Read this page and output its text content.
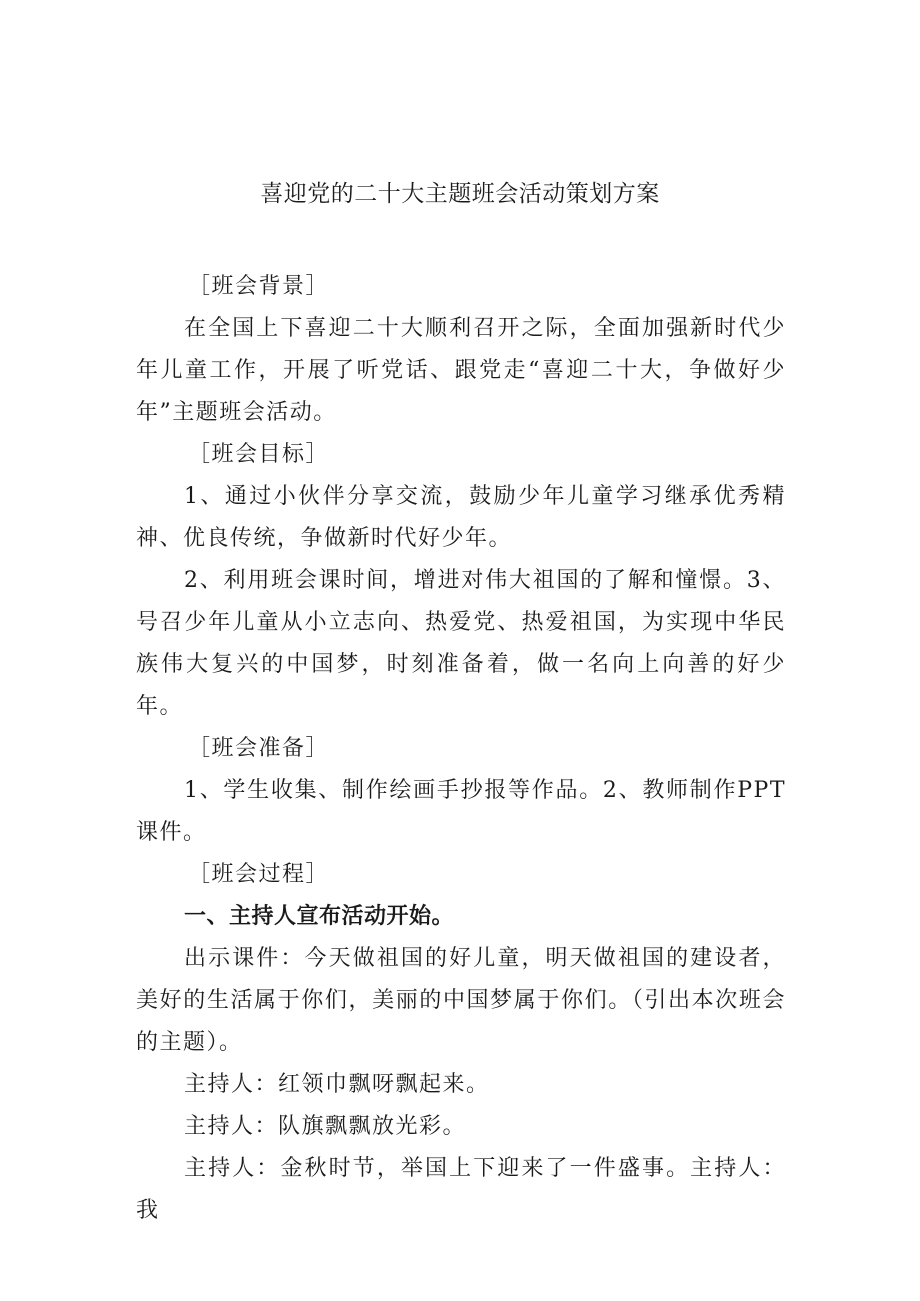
喜迎党的二十大主题班会活动策划方案

［班会背景］

在全国上下喜迎二十大顺利召开之际，全面加强新时代少年儿童工作，开展了听党话、跟党走“喜迎二十大，争做好少年”主题班会活动。

［班会目标］

1、通过小伙伴分享交流，鼓励少年儿童学习继承优秀精神、优良传统，争做新时代好少年。

2、利用班会课时间，增进对伟大祖国的了解和憧憬。3、号召少年儿童从小立志向、热爱党、热爱祖国，为实现中华民族伟大复兴的中国梦，时刻准备着，做一名向上向善的好少年。

［班会准备］

1、学生收集、制作绘画手抄报等作品。2、教师制作PPT课件。

［班会过程］

一、主持人宣布活动开始。

出示课件：今天做祖国的好儿童，明天做祖国的建设者，美好的生活属于你们，美丽的中国梦属于你们。（引出本次班会的主题）。

主持人：红领巾飘呀飘起来。

主持人：队旗飘飘放光彩。

主持人：金秋时节，举国上下迎来了一件盛事。主持人：我
